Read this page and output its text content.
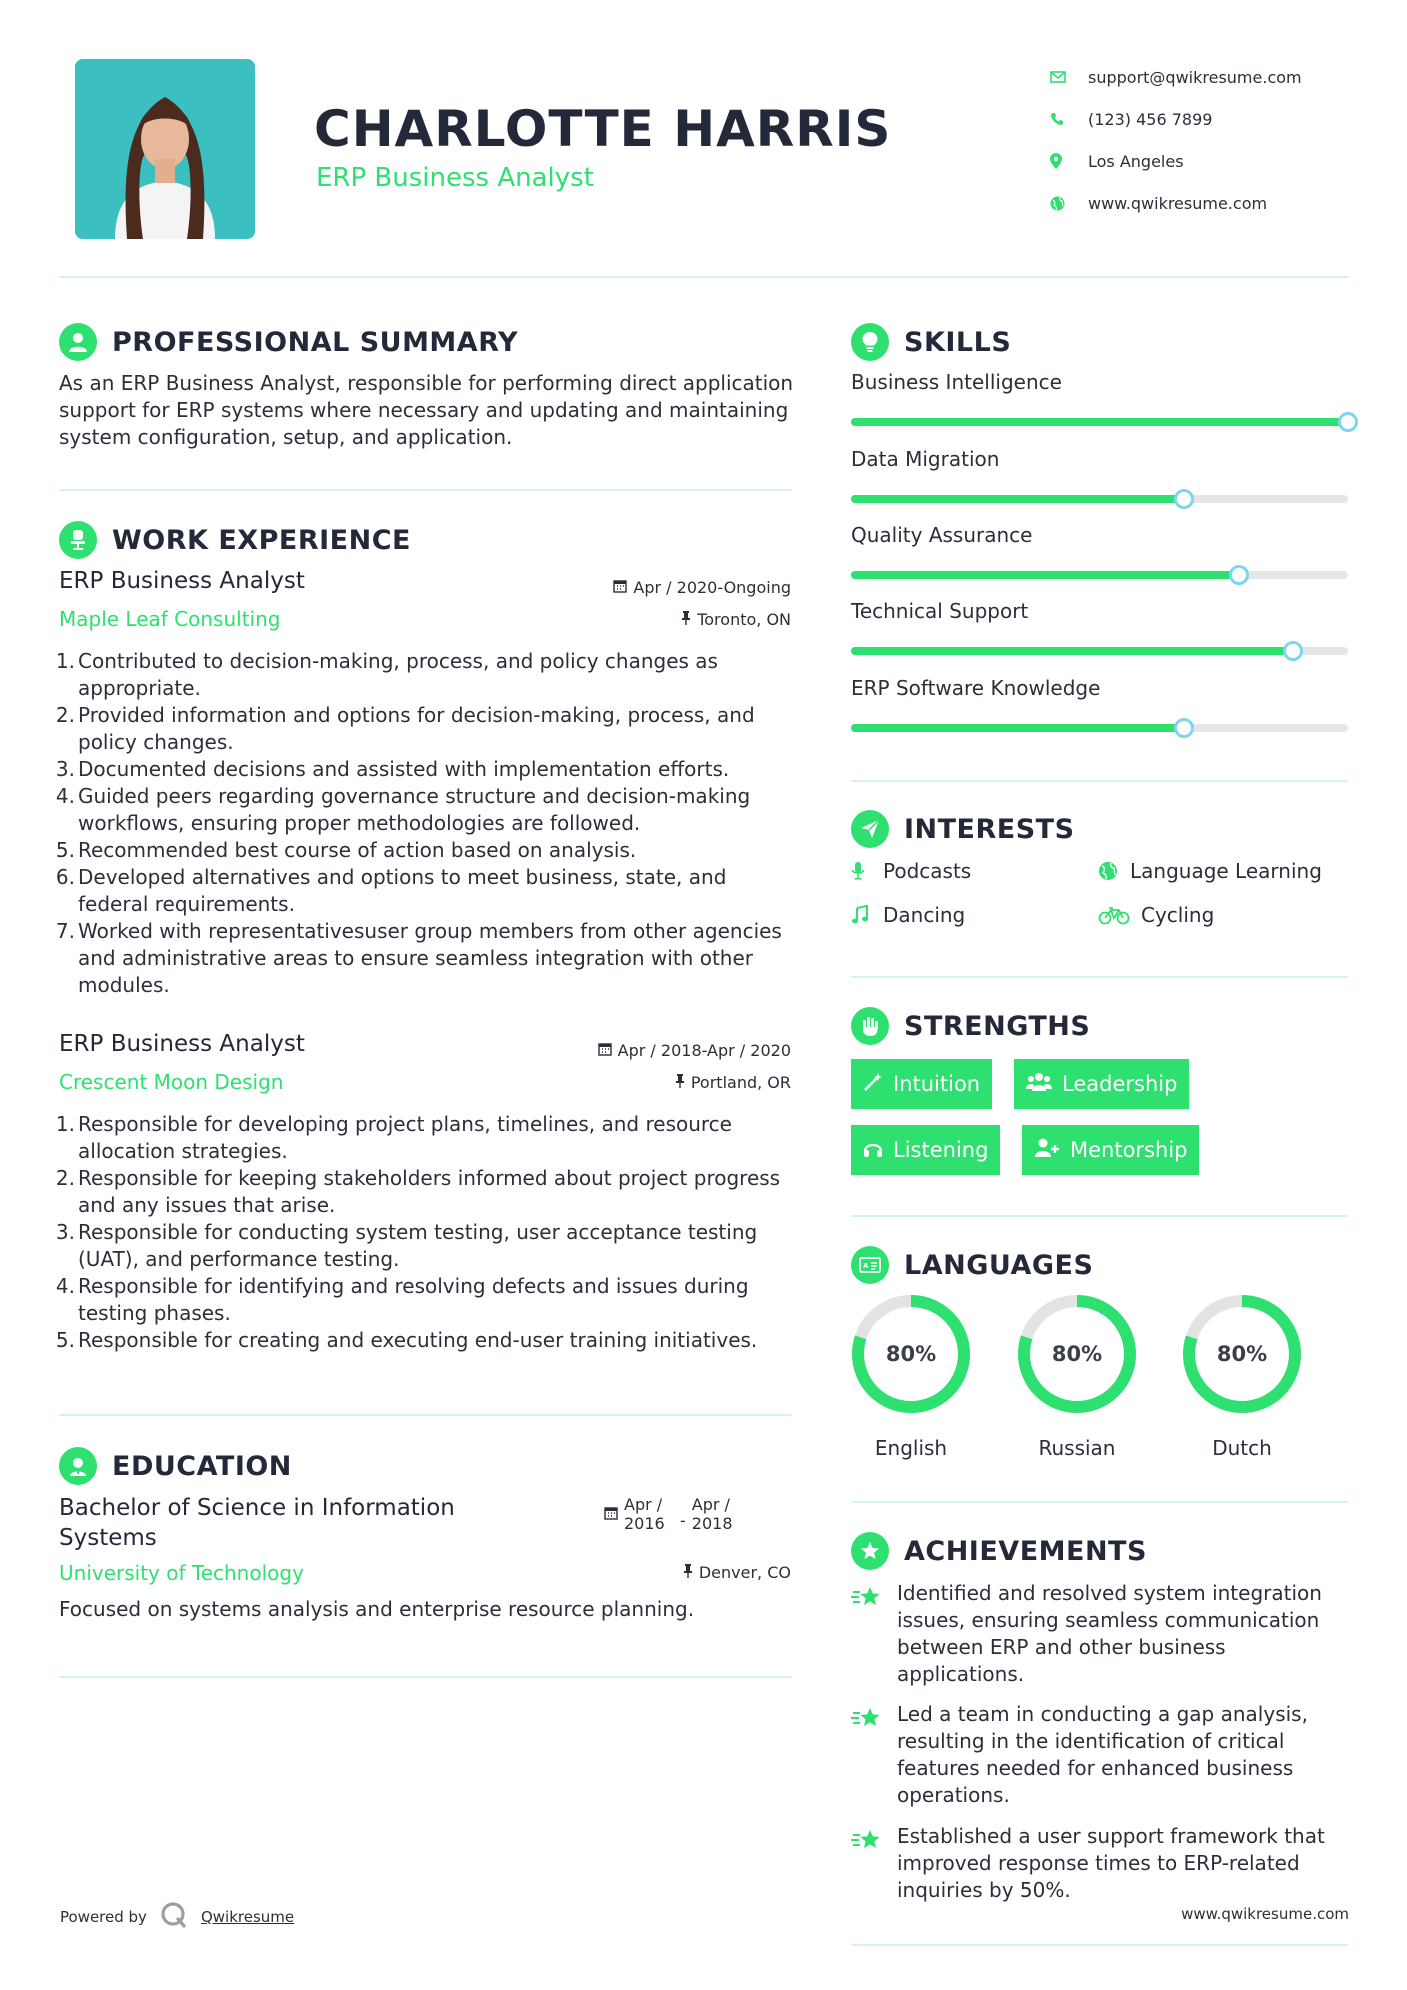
CHARLOTTE HARRIS
ERP Business Analyst
support@qwikresume.com
(123) 456 7899
Los Angeles
www.qwikresume.com
PROFESSIONAL SUMMARY
As an ERP Business Analyst, responsible for performing direct application support for ERP systems where necessary and updating and maintaining system configuration, setup, and application.
WORK EXPERIENCE
ERP Business Analyst
Maple Leaf Consulting
Apr / 2020-Ongoing
Toronto, ON
1. Contributed to decision-making, process, and policy changes as appropriate.
2. Provided information and options for decision-making, process, and policy changes.
3. Documented decisions and assisted with implementation efforts.
4. Guided peers regarding governance structure and decision-making workflows, ensuring proper methodologies are followed.
5. Recommended best course of action based on analysis.
6. Developed alternatives and options to meet business, state, and federal requirements.
7. Worked with representativesuser group members from other agencies and administrative areas to ensure seamless integration with other modules.
ERP Business Analyst
Crescent Moon Design
Apr / 2018-Apr / 2020
Portland, OR
1. Responsible for developing project plans, timelines, and resource allocation strategies.
2. Responsible for keeping stakeholders informed about project progress and any issues that arise.
3. Responsible for conducting system testing, user acceptance testing (UAT), and performance testing.
4. Responsible for identifying and resolving defects and issues during testing phases.
5. Responsible for creating and executing end-user training initiatives.
EDUCATION
Bachelor of Science in Information Systems
University of Technology
Apr / 2016 -
Apr / 2018
Denver, CO
Focused on systems analysis and enterprise resource planning.
SKILLS
Business Intelligence
Data Migration
Quality Assurance
Technical Support
ERP Software Knowledge
INTERESTS
Podcasts	Language Learning
Dancing	Cycling
STRENGTHS
Intuition	Leadership
Listening	Mentorship
A LANGUAGES
80%
English
80%
Russian
80%
Dutch
ACHIEVEMENTS
Identified and resolved system integration issues, ensuring seamless communication between ERP and other business applications.
Led a team in conducting a gap analysis, resulting in the identification of critical features needed for enhanced business operations.
Established a user support framework that improved response times to ERP-related inquiries by 50%.
Powered by	Qwikresume	www.qwikresume.com
